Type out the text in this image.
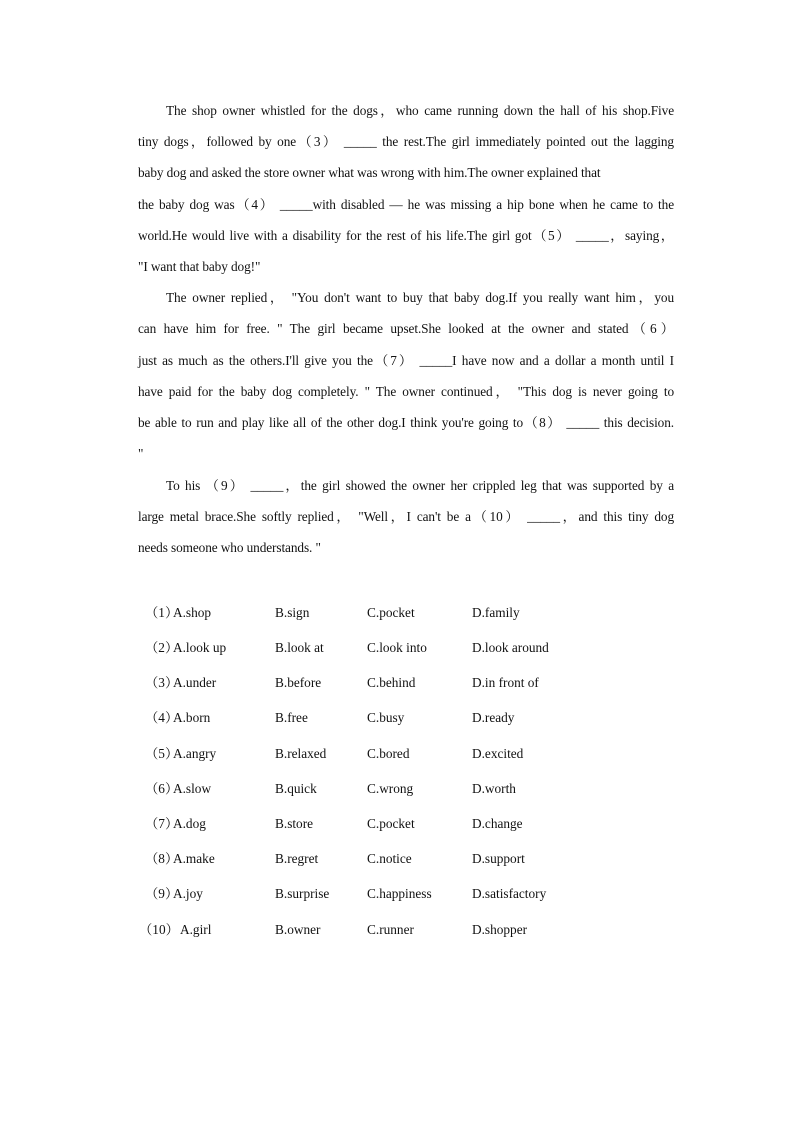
The shop owner whistled for the dogs，who came running down the hall of his shop.Five
tiny dogs，followed by one（3） _____ the rest.The girl immediately pointed out the lagging
baby dog and asked the store owner what was wrong with him.The owner explained that
the baby dog was（4） _____with disabled — he was missing a hip bone when he came to the
world.He would live with a disability for the rest of his life.The girl got（5） _____，saying，
"I want that baby dog!"
The owner replied， "You don't want to buy that baby dog.If you really want him，you
can have him for free. " The girl became upset.She looked at the owner and stated（6）
just as much as the others.I'll give you the（7） _____I have now and a dollar a month until I
have paid for the baby dog completely. " The owner continued， "This dog is never going to
be able to run and play like all of the other dog.I think you're going to（8） _____ this decision.
"
To his （9） _____，the girl showed the owner her crippled leg that was supported by a
large metal brace.She softly replied， "Well，I can't be a（10） _____，and this tiny dog
needs someone who understands. "
（1）
A.shop	B.sign	C.pocket	D.family
（2）
A.look up	B.look at	C.look into	D.look around
（3）
A.under	B.before	C.behind	D.in front of
（4）
A.born	B.free	C.busy	D.ready
（5）
A.angry	B.relaxed	C.bored	D.excited
（6）
A.slow	B.quick	C.wrong	D.worth
（7）
A.dog	B.store	C.pocket	D.change
（8）
A.make	B.regret	C.notice	D.support
（9）
A.joy	B.surprise	C.happiness	D.satisfactory
（10） A.girl	B.owner	C.runner	D.shopper
